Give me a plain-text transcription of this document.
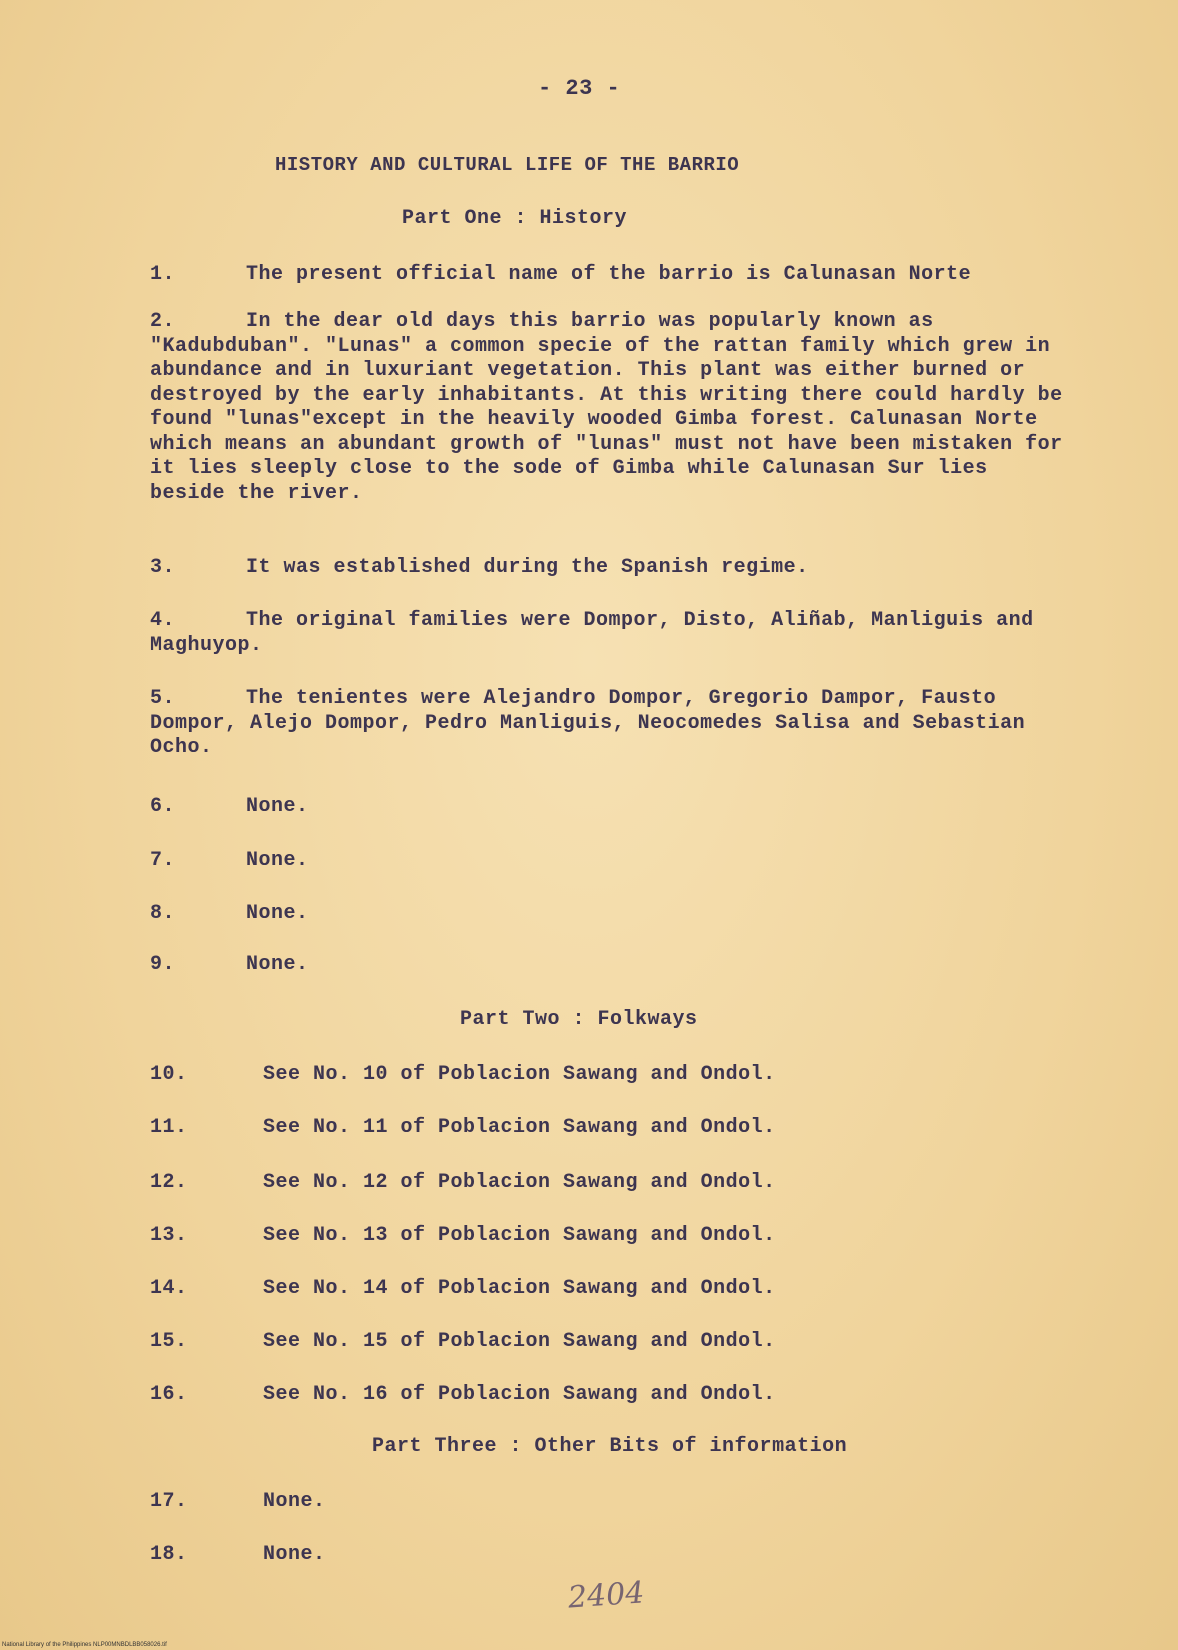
- 23 -
HISTORY AND CULTURAL LIFE OF THE BARRIO
Part One : History
1.	The present official name of the barrio is Calunasan Norte
2.	In the dear old days this barrio was popularly known as "Kadubduban". "Lunas" a common specie of the rattan family which grew in abundance and in luxuriant vegetation. This plant was either burned or destroyed by the early inhabitants. At this writing there could hardly be found "lunas"except in the heavily wooded Gimba forest. Calunasan Norte which means an abundant growth of "lunas" must not have been mistaken for it lies sleeply close to the sode of Gimba while Calunasan Sur lies beside the river.
3.	It was established during the Spanish regime.
4.	The original families were Dompor, Disto, Aliñab, Manliguis and Maghuyop.
5.	The tenientes were Alejandro Dompor, Gregorio Dampor, Fausto Dompor, Alejo Dompor, Pedro Manliguis, Neocomedes Salisa and Sebastian Ocho.
6.	None.
7.	None.
8.	None.
9.	None.
Part Two : Folkways
10.	See No. 10 of Poblacion Sawang and Ondol.
11.	See No. 11 of Poblacion Sawang and Ondol.
12.	See No. 12 of Poblacion Sawang and Ondol.
13.	See No. 13 of Poblacion Sawang and Ondol.
14.	See No. 14 of Poblacion Sawang and Ondol.
15.	See No. 15 of Poblacion Sawang and Ondol.
16.	See No. 16 of Poblacion Sawang and Ondol.
Part Three : Other Bits of information
17.	None.
18.	None.
2404
National Library of the Philippines NLP00MNBDLBB058026.tif
